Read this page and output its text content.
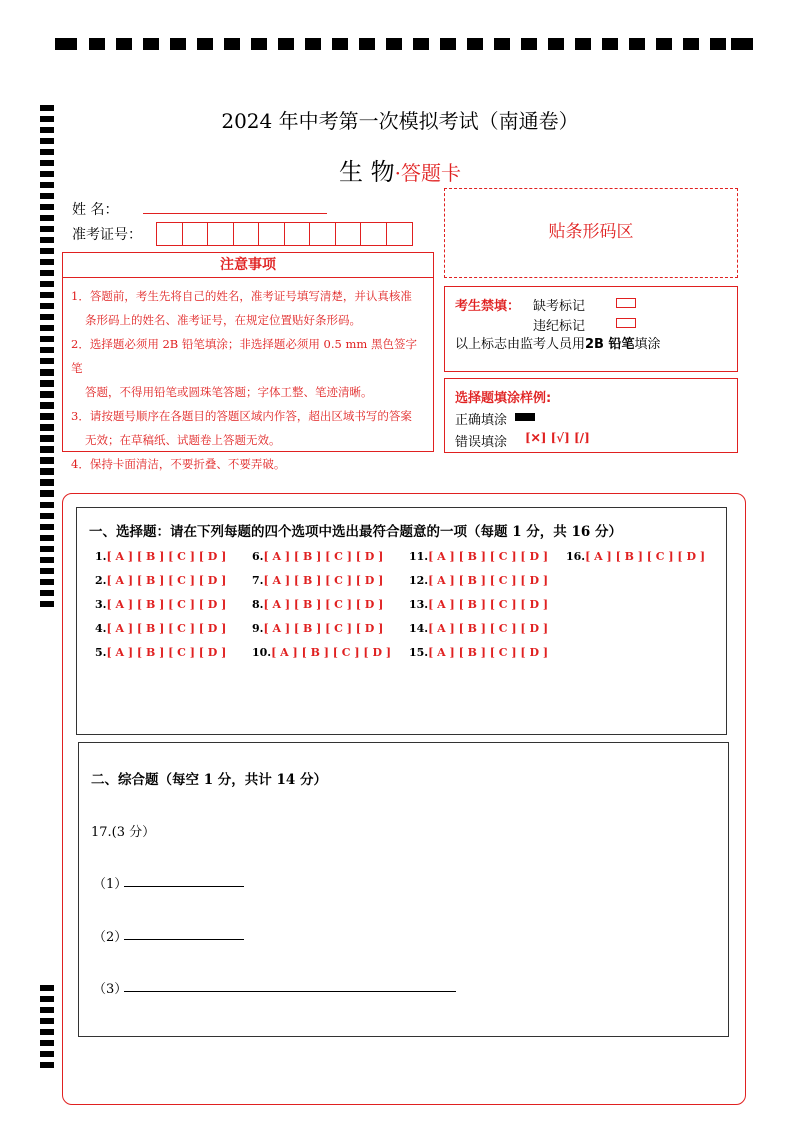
2024 年中考第一次模拟考试（南通卷）
生 物·答题卡
姓 名：
准考证号：
注意事项

1．答题前，考生先将自己的姓名，准考证号填写清楚，并认真核准

条形码上的姓名、准考证号，在规定位置贴好条形码。

2．选择题必须用 2B 铅笔填涂；非选择题必须用 0.5 mm 黑色签字笔

答题，不得用铅笔或圆珠笔答题；字体工整、笔迹清晰。

3．请按题号顺序在各题目的答题区域内作答，超出区域书写的答案

无效；在草稿纸、试题卷上答题无效。

4．保持卡面清洁，不要折叠、不要弄破。

贴条形码区
考生禁填： 缺考标记
违纪标记
以上标志由监考人员用2B 铅笔填涂
选择题填涂样例:
正确填涂
错误填涂 [✕] [√] [/]
一、选择题：请在下列每题的四个选项中选出最符合题意的一项（每题 1 分，共 16 分）
1.[ A ] [ B ] [ C ] [ D ]
2.[ A ] [ B ] [ C ] [ D ]
3.[ A ] [ B ] [ C ] [ D ]
4.[ A ] [ B ] [ C ] [ D ]
5.[ A ] [ B ] [ C ] [ D ]
6.[ A ] [ B ] [ C ] [ D ]
7.[ A ] [ B ] [ C ] [ D ]
8.[ A ] [ B ] [ C ] [ D ]
9.[ A ] [ B ] [ C ] [ D ]
10.[ A ] [ B ] [ C ] [ D ]
11.[ A ] [ B ] [ C ] [ D ]
12.[ A ] [ B ] [ C ] [ D ]
13.[ A ] [ B ] [ C ] [ D ]
14.[ A ] [ B ] [ C ] [ D ]
15.[ A ] [ B ] [ C ] [ D ]
16.[ A ] [ B ] [ C ] [ D ]
二、综合题（每空 1 分，共计 14 分）
17.(3 分）
（1）
（2）
（3）
